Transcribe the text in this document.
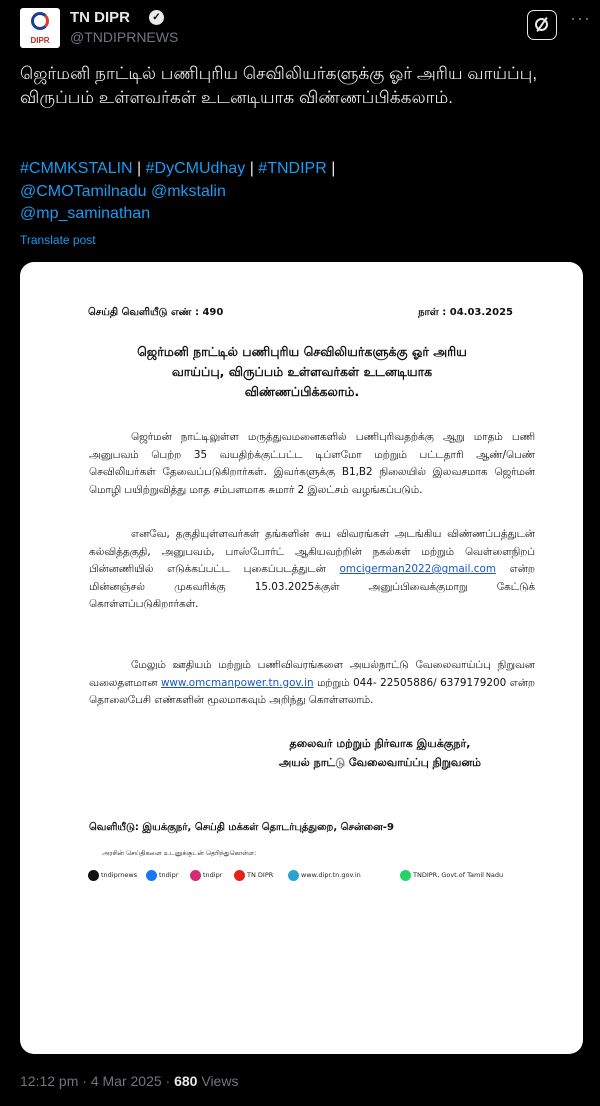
DIPR
TN DIPR	✓
@TNDIPRNEWS
···
ஜெர்மனி நாட்டில் பணிபுரிய செவிலியர்களுக்கு ஓர் அரிய வாய்ப்பு, விருப்பம் உள்ளவர்கள் உடனடியாக விண்ணப்பிக்கலாம்.
#CMMKSTALIN | #DyCMUdhay | #TNDIPR |
@CMOTamilnadu @mkstalin
@mp_saminathan
Translate post
செய்தி வெளியீடு எண் : 490	நாள் : 04.03.2025
ஜெர்மனி நாட்டில் பணிபுரிய செவிலியர்களுக்கு ஓர் அரிய
வாய்ப்பு, விருப்பம் உள்ளவர்கள் உடனடியாக
விண்ணப்பிக்கலாம்.
ஜெர்மன் நாட்டிலுள்ள மருத்துவமனைகளில் பணிபுரிவதற்க்கு ஆறு மாதம் பணி அனுபவம் பெற்ற 35 வயதிற்க்குட்பட்ட டிப்ளமோ மற்றும் பட்டதாரி ஆண்/பெண் செவிலியர்கள் தேவைப்படுகிறார்கள். இவர்களுக்கு B1,B2 நிலையில் இலவசமாக ஜெர்மன் மொழி பயிற்றுவித்து மாத சம்பளமாக சுமார் 2 இலட்சம் வழங்கப்படும்.
எனவே, தகுதியுள்ளவர்கள் தங்களின் சுய விவரங்கள் அடங்கிய விண்ணப்பத்துடன் கல்வித்தகுதி, அனுபவம், பாஸ்போர்ட் ஆகியவற்றின் நகல்கள் மற்றும் வெள்ளைநிறப் பின்னணியில் எடுக்கப்பட்ட புகைப்படத்துடன் omcigerman2022@gmail.com என்ற மின்னஞ்சல் முகவரிக்கு 15.03.2025க்குள் அனுப்பிவைக்குமாறு கேட்டுக் கொள்ளப்படுகிறார்கள்.
மேலும் ஊதியம் மற்றும் பணிவிவரங்களை அயல்நாட்டு வேலைவாய்ப்பு நிறுவன வலைதளமான www.omcmanpower.tn.gov.in மற்றும் 044- 22505886/ 6379179200 என்ற தொலைபேசி எண்களின் மூலமாகவும் அறிந்து கொள்ளலாம்.
தலைவர் மற்றும் நிர்வாக இயக்குநர்,
அயல் நாட்டு வேலைவாய்ப்பு நிறுவனம்
வெளியீடு: இயக்குநர், செய்தி மக்கள் தொடர்புத்துறை, சென்னை-9
அரசின் செய்திகளை உடனுக்குடன் தெரிந்துகொள்ள:
tndiprnews	tndipr	tndipr	TN DIPR	www.dipr.tn.gov.in	TNDIPR, Govt.of Tamil Nadu
12:12 pm · 4 Mar 2025 · 680 Views
